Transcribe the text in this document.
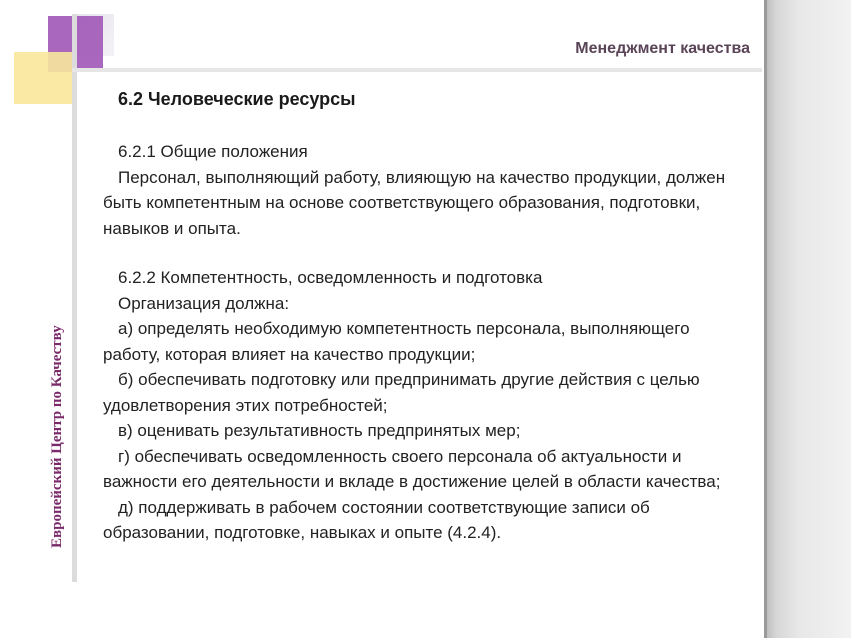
Менеджмент качества
Европейский Центр по Качеству
6.2 Человеческие ресурсы

6.2.1 Общие положения

Персонал, выполняющий работу, влияющую на качество продукции, должен быть компетентным на основе соответствующего образования, подготовки, навыков и опыта.

6.2.2 Компетентность, осведомленность и подготовка

Организация должна:

а) определять необходимую компетентность персонала, выполняющего работу, которая влияет на качество продукции;

б) обеспечивать подготовку или предпринимать другие действия с целью удовлетворения этих потребностей;

в) оценивать результативность предпринятых мер;

г) обеспечивать осведомленность своего персонала об актуальности и важности его деятельности и вкладе в достижение целей в области качества;

д) поддерживать в рабочем состоянии соответствующие записи об образовании, подготовке, навыках и опыте (4.2.4).
